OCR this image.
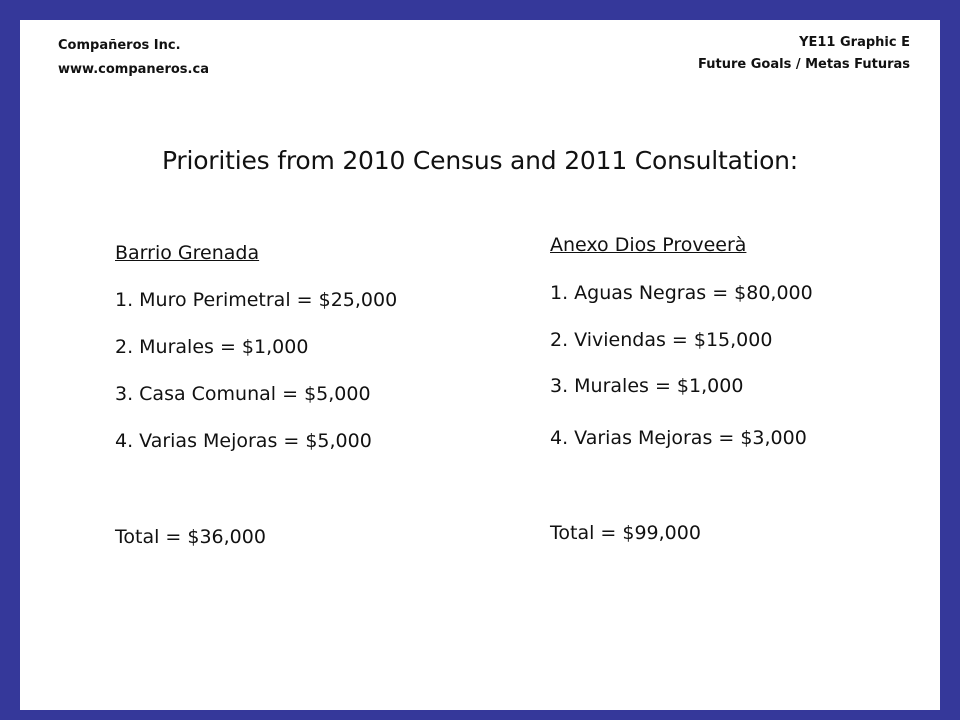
Compañeros Inc.
www.companeros.ca
YE11 Graphic E
Future Goals / Metas Futuras
Priorities from 2010 Census and 2011 Consultation:
Barrio Grenada
1. Muro Perimetral = $25,000
2. Murales = $1,000
3. Casa Comunal = $5,000
4. Varias Mejoras = $5,000
Total = $36,000
Anexo Dios Proveerà
1. Aguas Negras = $80,000
2. Viviendas = $15,000
3. Murales = $1,000
4. Varias Mejoras = $3,000
Total = $99,000
